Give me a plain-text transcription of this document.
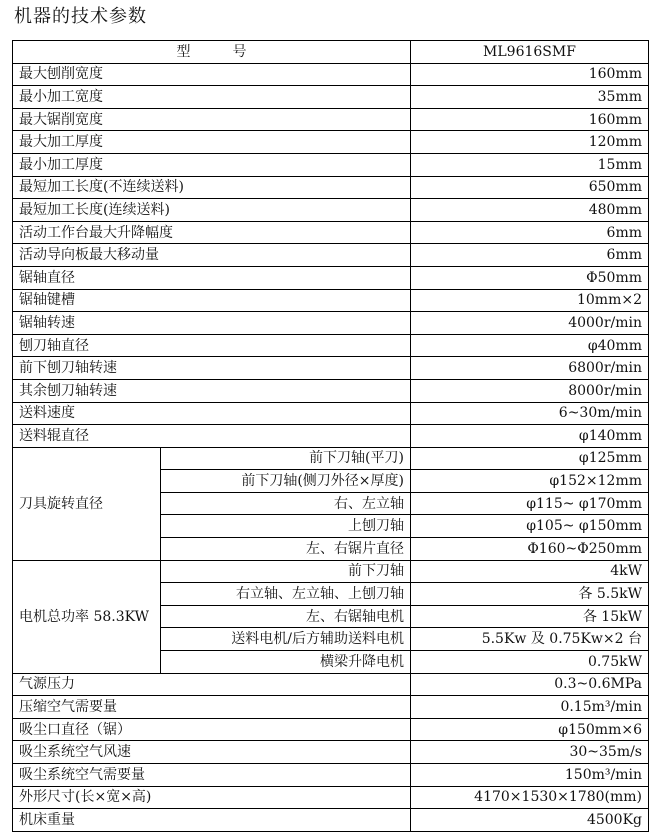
机器的技术参数
型　　　号		ML9616SMF
最大刨削宽度		160mm
最小加工宽度		35mm
最大锯削宽度		160mm
最大加工厚度		120mm
最小加工厚度		15mm
最短加工长度(不连续送料)		650mm
最短加工长度(连续送料)		480mm
活动工作台最大升降幅度		6mm
活动导向板最大移动量		6mm
锯轴直径		Φ50mm
锯轴键槽		10mm×2
锯轴转速		4000r/min
刨刀轴直径		φ40mm
前下刨刀轴转速		6800r/min
其余刨刀轴转速		8000r/min
送料速度		6~30m/min
送料辊直径		φ140mm
刀具旋转直径	前下刀轴(平刀)	φ125mm
	前下刀轴(侧刀外径×厚度)	φ152×12mm
	右、左立轴	φ115~ φ170mm
	上刨刀轴	φ105~ φ150mm
	左、右锯片直径	Φ160~Φ250mm
电机总功率 58.3KW	前下刀轴	4kW
	右立轴、左立轴、上刨刀轴	各 5.5kW
	左、右锯轴电机	各 15kW
	送料电机/后方辅助送料电机	5.5Kw 及 0.75Kw×2 台
	横梁升降电机	0.75kW
气源压力		0.3~0.6MPa
压缩空气需要量		0.15m³/min
吸尘口直径（锯）		φ150mm×6
吸尘系统空气风速		30~35m/s
吸尘系统空气需要量		150m³/min
外形尺寸(长×宽×高)		4170×1530×1780(mm)
机床重量		4500Kg
